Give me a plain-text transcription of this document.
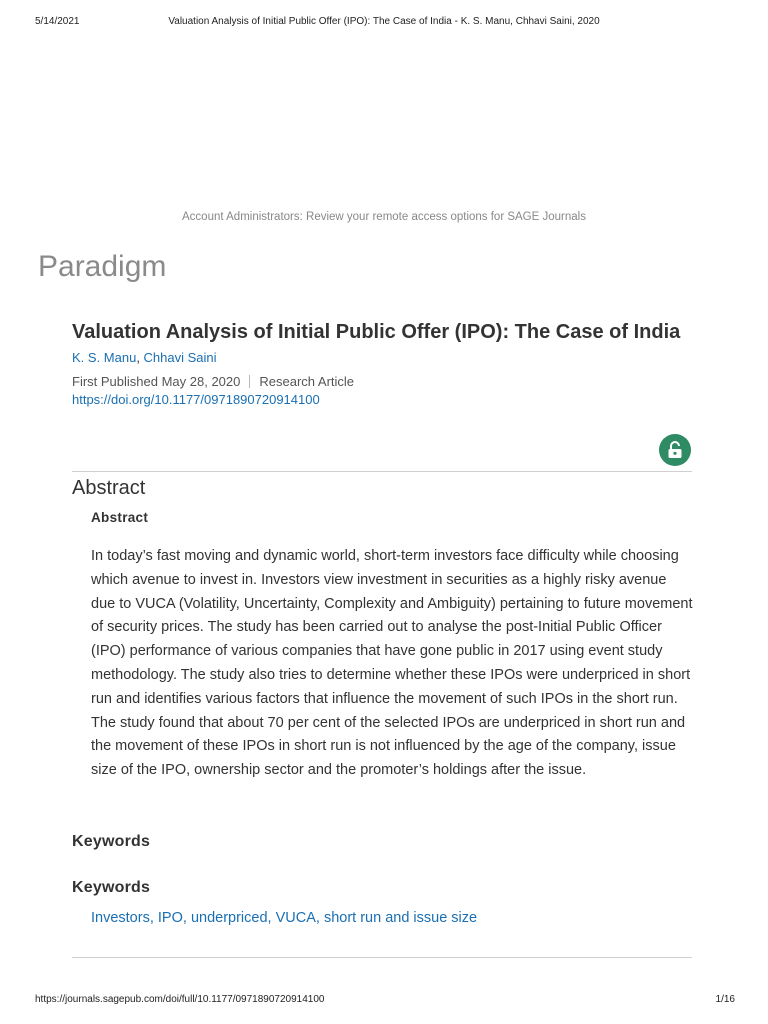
5/14/2021	Valuation Analysis of Initial Public Offer (IPO): The Case of India - K. S. Manu, Chhavi Saini, 2020
Account Administrators: Review your remote access options for SAGE Journals
Paradigm
Valuation Analysis of Initial Public Offer (IPO): The Case of India
K. S. Manu, Chhavi Saini
First Published May 28, 2020 Research Article
https://doi.org/10.1177/0971890720914100
Abstract
Abstract

In today’s fast moving and dynamic world, short-term investors face difficulty while choosing which avenue to invest in. Investors view investment in securities as a highly risky avenue due to VUCA (Volatility, Uncertainty, Complexity and Ambiguity) pertaining to future movement of security prices. The study has been carried out to analyse the post-Initial Public Officer (IPO) performance of various companies that have gone public in 2017 using event study methodology. The study also tries to determine whether these IPOs were underpriced in short run and identifies various factors that influence the movement of such IPOs in the short run. The study found that about 70 per cent of the selected IPOs are underpriced in short run and the movement of these IPOs in short run is not influenced by the age of the company, issue size of the IPO, ownership sector and the promoter’s holdings after the issue.

Keywords
Keywords
Investors, IPO, underpriced, VUCA, short run and issue size
https://journals.sagepub.com/doi/full/10.1177/0971890720914100	1/16
